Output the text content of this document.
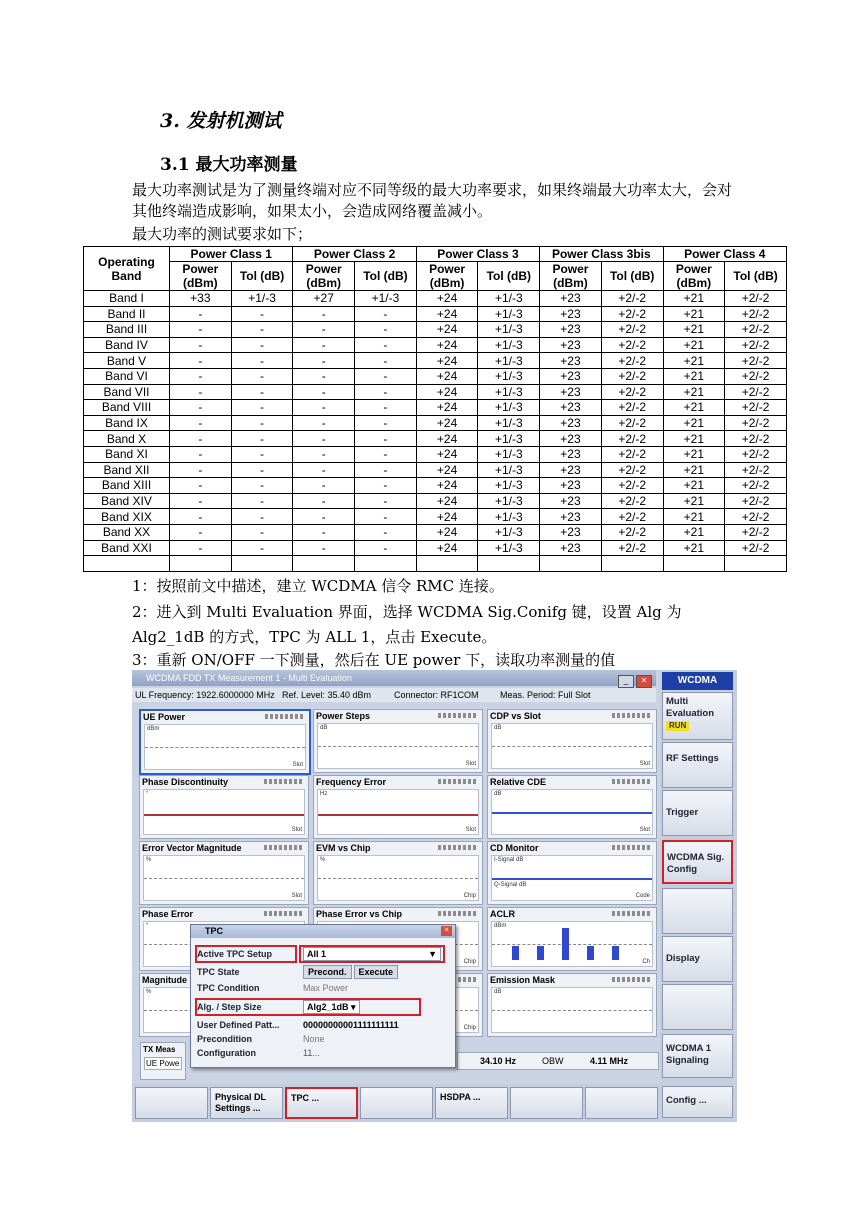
3. 发射机测试
3.1 最大功率测量
最大功率测试是为了测量终端对应不同等级的最大功率要求，如果终端最大功率太大，会对其他终端造成影响，如果太小，会造成网络覆盖减小。
最大功率的测试要求如下；
Operating Band	Power Class 1		Power Class 2		Power Class 3		Power Class 3bis		Power Class 4	
	Power (dBm)	Tol (dB)	Power (dBm)	Tol (dB)	Power (dBm)	Tol (dB)	Power (dBm)	Tol (dB)	Power (dBm)	Tol (dB)
Band I	+33	+1/-3	+27	+1/-3	+24	+1/-3	+23	+2/-2	+21	+2/-2
Band II	-	-	-	-	+24	+1/-3	+23	+2/-2	+21	+2/-2
Band III	-	-	-	-	+24	+1/-3	+23	+2/-2	+21	+2/-2
Band IV	-	-	-	-	+24	+1/-3	+23	+2/-2	+21	+2/-2
Band V	-	-	-	-	+24	+1/-3	+23	+2/-2	+21	+2/-2
Band VI	-	-	-	-	+24	+1/-3	+23	+2/-2	+21	+2/-2
Band VII	-	-	-	-	+24	+1/-3	+23	+2/-2	+21	+2/-2
Band VIII	-	-	-	-	+24	+1/-3	+23	+2/-2	+21	+2/-2
Band IX	-	-	-	-	+24	+1/-3	+23	+2/-2	+21	+2/-2
Band X	-	-	-	-	+24	+1/-3	+23	+2/-2	+21	+2/-2
Band XI	-	-	-	-	+24	+1/-3	+23	+2/-2	+21	+2/-2
Band XII	-	-	-	-	+24	+1/-3	+23	+2/-2	+21	+2/-2
Band XIII	-	-	-	-	+24	+1/-3	+23	+2/-2	+21	+2/-2
Band XIV	-	-	-	-	+24	+1/-3	+23	+2/-2	+21	+2/-2
Band XIX	-	-	-	-	+24	+1/-3	+23	+2/-2	+21	+2/-2
Band XX	-	-	-	-	+24	+1/-3	+23	+2/-2	+21	+2/-2
Band XXI	-	-	-	-	+24	+1/-3	+23	+2/-2	+21	+2/-2

1：按照前文中描述，建立 WCDMA 信令 RMC 连接。
2：进入到 Multi Evaluation 界面，选择 WCDMA Sig.Conifg 键，设置 Alg 为
Alg2_1dB 的方式，TPC 为 ALL 1，点击 Execute。
3：重新 ON/OFF 一下测量，然后在 UE power 下，读取功率测量的值
WCDMA FDD TX Measurement 1 - Multi Evaluation	_ ✕
UL Frequency: 1922.6000000 MHz Ref. Level: 35.40 dBm	Connector: RF1COM Meas. Period: Full Slot
UE Power
dBm
Slot
Power Steps
dB
Slot
CDP vs Slot
dB
Slot
Phase Discontinuity
°
Slot
Frequency Error
Hz
Slot
Relative CDE
dB
Slot
Error Vector Magnitude
%
Slot
EVM vs Chip
%
Chip
CD Monitor
I-Signal dB
Code
Q-Signal dB
Phase Error
°
Phase Error vs Chip
Chip
ACLR
dBm
Ch
Magnitude
%
Chip
Emission Mask
dB
WCDMA
Multi Evaluation
RUN
RF Settings
Trigger
WCDMA Sig. Config
Display
WCDMA 1 Signaling
Config ...
TX Meas
UE Powe	34.10 Hz	OBW	4.11 MHz
TPC	✕
Active TPC Setup	All 1	▼
TPC State	Precond. Execute
TPC Condition	Max Power
Alg. / Step Size	Alg2_1dB ▾
User Defined Patt...	00000000001111111111
Precondition	None
Configuration	11...
Physical DL Settings ...
TPC ...	HSDPA ...
